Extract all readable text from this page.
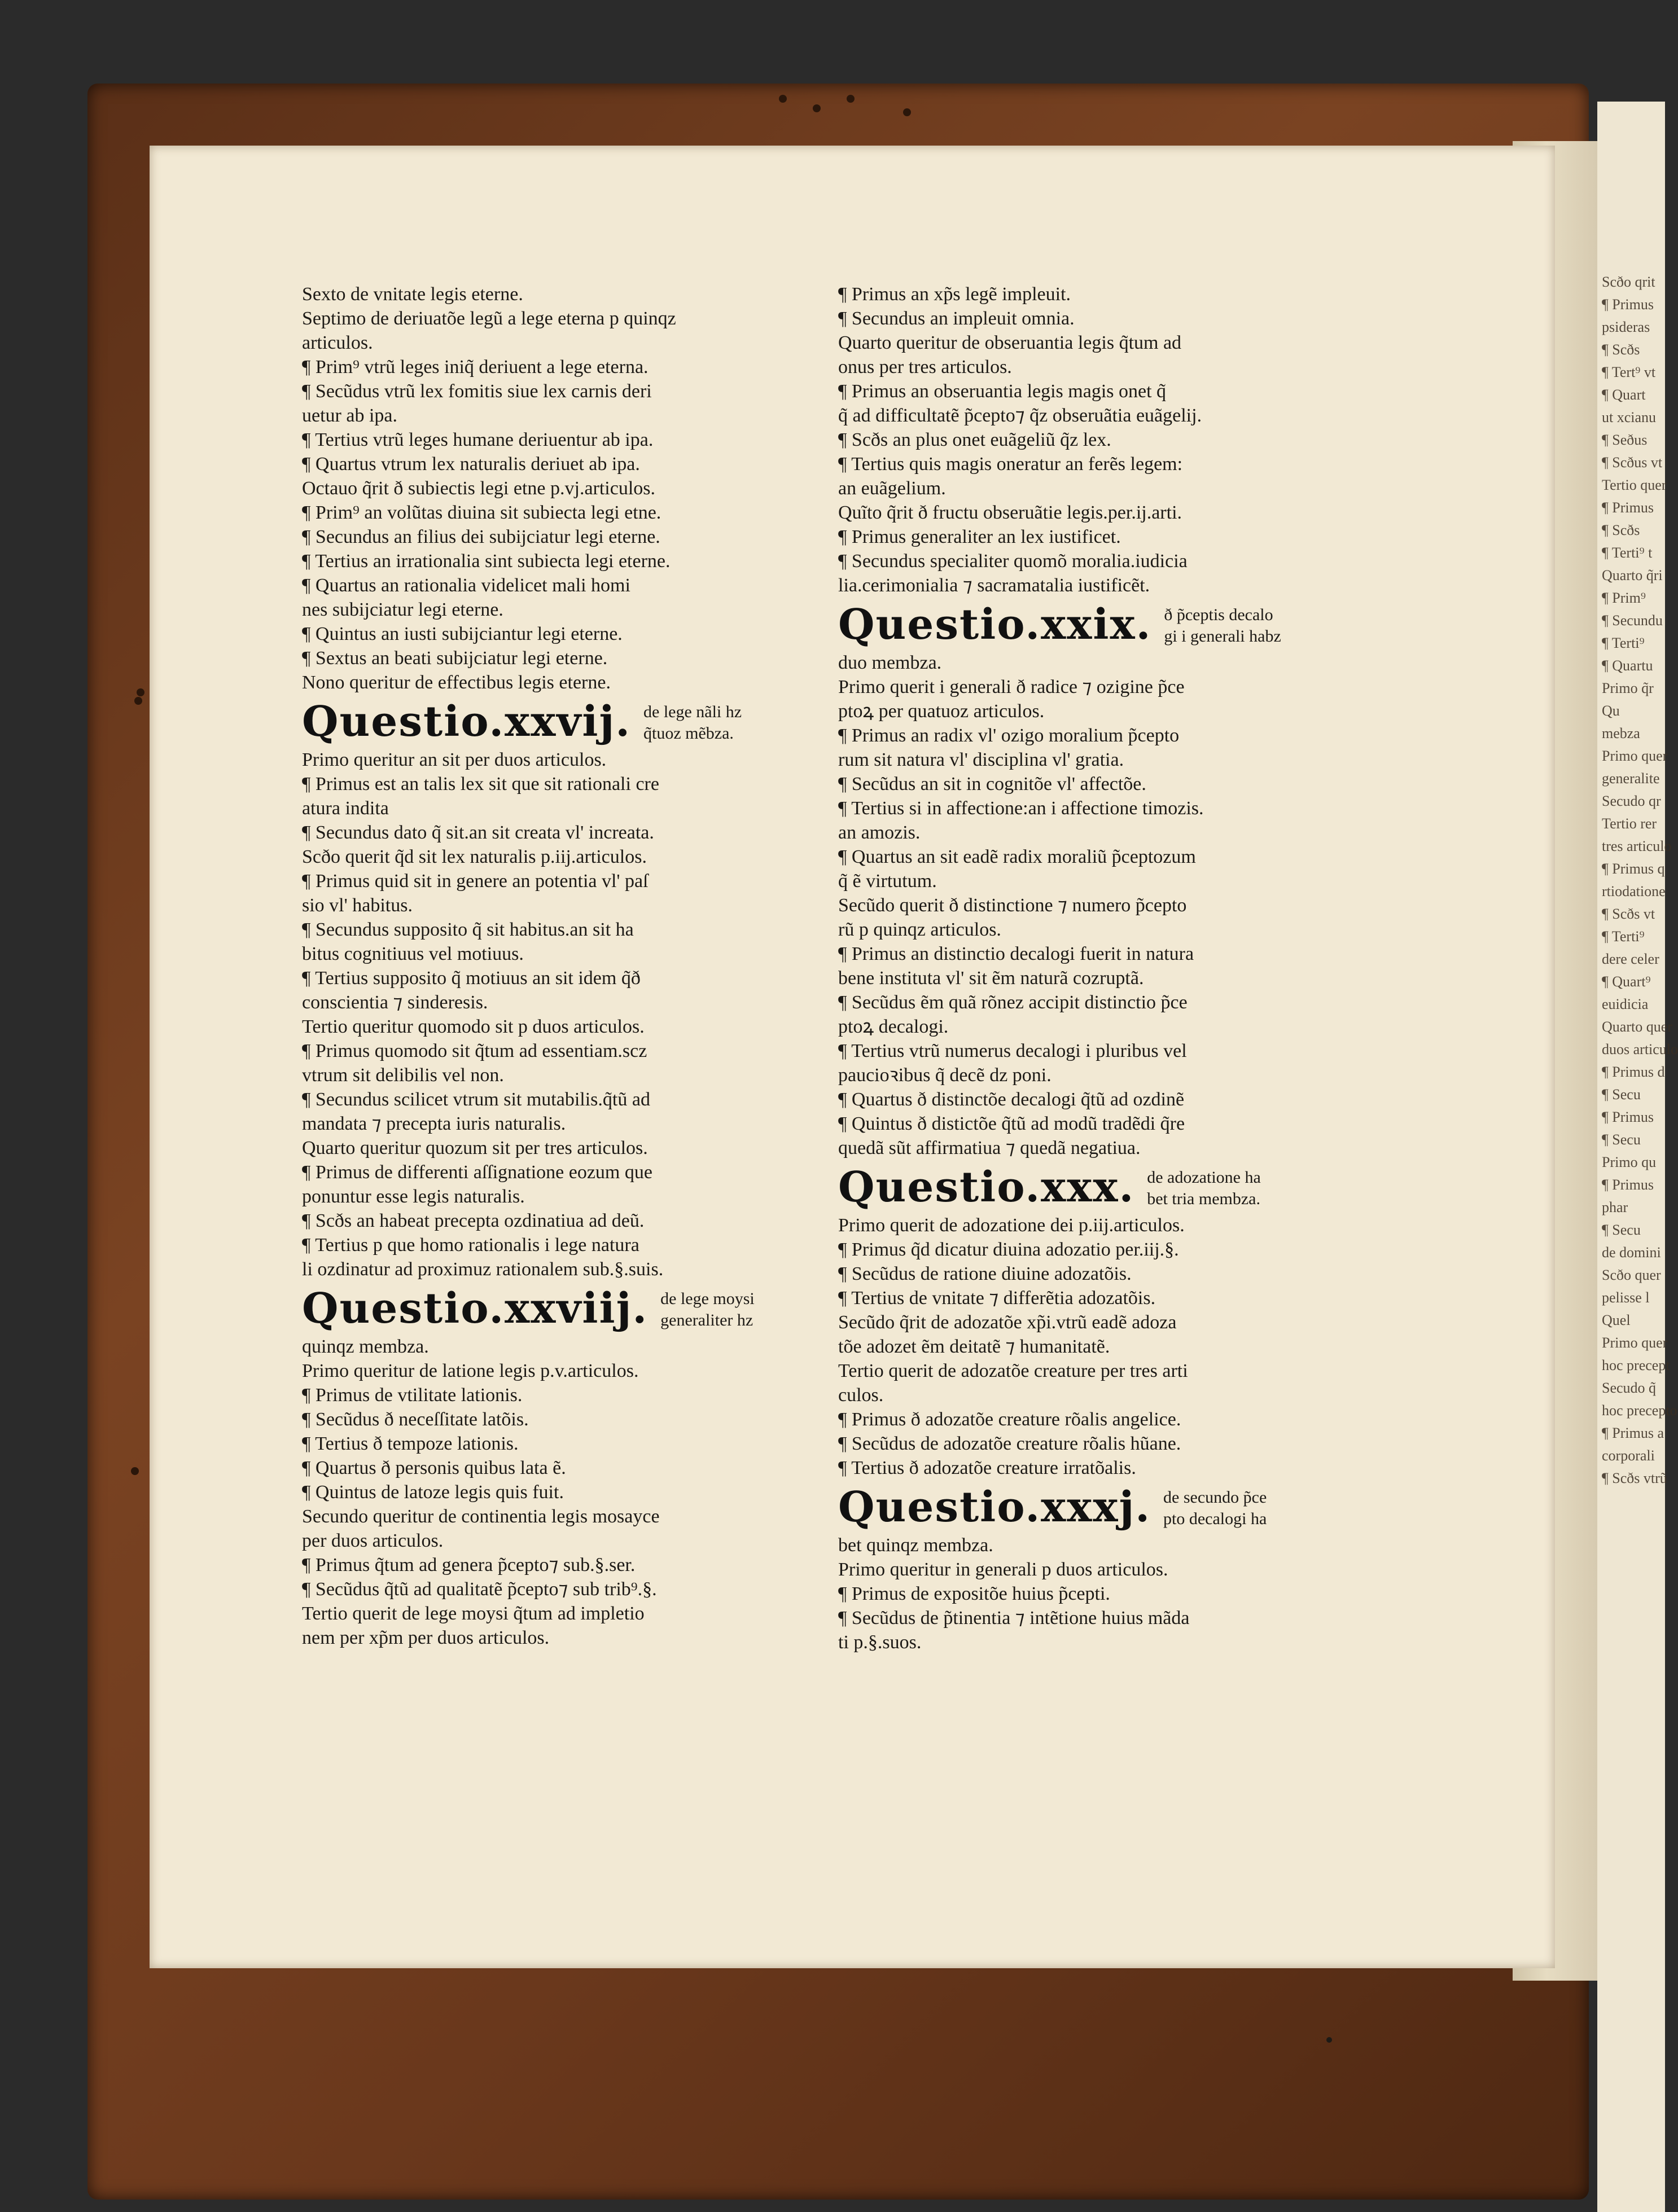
Scðo qrit
¶ Primus
psideras
¶ Scðs
¶ Tert⁹ vt
¶ Quart
ut xcianu
¶ Seðus
¶ Scðus vt
Tertio quer
¶ Primus
¶ Scðs
¶ Terti⁹ t
Quarto q̃ri
¶ Prim⁹
¶ Secundu
¶ Terti⁹
¶ Quartu
Primo q̃r
Qu
mebza
Primo quer
generalite
Secudo qr
Tertio rer
tres articulo
¶ Primus q
rtiodatione
¶ Scðs vt
¶ Terti⁹
dere celer
¶ Quart⁹
euidicia
Quarto quer
duos articulo
¶ Primus d
¶ Secu
¶ Primus
¶ Secu
Primo qu
¶ Primus
phar
¶ Secu
de domini
Scðo quer
pelisse l
Quel
Primo quer
hoc precept
Secudo q̃
hoc precepto
¶ Primus a
corporali
¶ Scðs vtrũ
Sexto de vnitate legis eterne.
Septimo de deriuatõe legũ a lege eterna p quinqz
articulos.
¶ Prim⁹ vtrũ leges iniq̃ deriuent a lege eterna.
¶ Secũdus vtrũ lex fomitis siue lex carnis deri
uetur ab ipa.
¶ Tertius vtrũ leges humane deriuentur ab ipa.
¶ Quartus vtrum lex naturalis deriuet ab ipa.
Octauo q̃rit ð subiectis legi etne p.vj.articulos.
¶ Prim⁹ an volũtas diuina sit subiecta legi etne.
¶ Secundus an filius dei subijciatur legi eterne.
¶ Tertius an irrationalia sint subiecta legi eterne.
¶ Quartus an rationalia videlicet mali homi
nes subijciatur legi eterne.
¶ Quintus an iusti subijciantur legi eterne.
¶ Sextus an beati subijciatur legi eterne.
Nono queritur de effectibus legis eterne.
Questio.xxvij. de lege nãli hz
q̃tuoz mẽbza.
Primo queritur an sit per duos articulos.
¶ Primus est an talis lex sit que sit rationali cre
atura indita
¶ Secundus dato q̃ sit.an sit creata vl' increata.
Scðo querit q̃d sit lex naturalis p.iij.articulos.
¶ Primus quid sit in genere an potentia vl' paſ
sio vl' habitus.
¶ Secundus supposito q̃ sit habitus.an sit ha
bitus cognitiuus vel motiuus.
¶ Tertius supposito q̃ motiuus an sit idem q̃ð
conscientia ⁊ sinderesis.
Tertio queritur quomodo sit p duos articulos.
¶ Primus quomodo sit q̃tum ad essentiam.scz
vtrum sit delibilis vel non.
¶ Secundus scilicet vtrum sit mutabilis.q̃tũ ad
mandata ⁊ precepta iuris naturalis.
Quarto queritur quozum sit per tres articulos.
¶ Primus de differenti aſſignatione eozum que
ponuntur esse legis naturalis.
¶ Scðs an habeat precepta ozdinatiua ad deũ.
¶ Tertius p que homo rationalis i lege natura
li ozdinatur ad proximuz rationalem sub.§.suis.
Questio.xxviij. de lege moysi
generaliter hz
quinqz membza.
Primo queritur de latione legis p.v.articulos.
¶ Primus de vtilitate lationis.
¶ Secũdus ð neceſſitate latõis.
¶ Tertius ð tempoze lationis.
¶ Quartus ð personis quibus lata ẽ.
¶ Quintus de latoze legis quis fuit.
Secundo queritur de continentia legis mosayce
per duos articulos.
¶ Primus q̃tum ad genera p̃cepto⁊ sub.§.ser.
¶ Secũdus q̃tũ ad qualitatẽ p̃cepto⁊ sub trib⁹.§.
Tertio querit de lege moysi q̃tum ad impletio
nem per xp̃m per duos articulos.
¶ Primus an xp̃s legẽ impleuit.
¶ Secundus an impleuit omnia.
Quarto queritur de obseruantia legis q̃tum ad
onus per tres articulos.
¶ Primus an obseruantia legis magis onet q̃
q̃ ad difficultatẽ p̃cepto⁊ q̃z obseruãtia euãgelij.
¶ Scðs an plus onet euãgeliũ q̃z lex.
¶ Tertius quis magis oneratur an ferẽs legem:
an euãgelium.
Quĩto q̃rit ð fructu obseruãtie legis.per.ij.arti.
¶ Primus generaliter an lex iustificet.
¶ Secundus specialiter quomõ moralia.iudicia
lia.cerimonialia ⁊ sacramatalia iustificẽt.
Questio.xxix. ð p̃ceptis decalo
gi i generali habz
duo membza.
Primo querit i generali ð radice ⁊ ozigine p̃ce
ptoꝝ per quatuoz articulos.
¶ Primus an radix vl' ozigo moralium p̃cepto
rum sit natura vl' disciplina vl' gratia.
¶ Secũdus an sit in cognitõe vl' affectõe.
¶ Tertius si in affectione:an i affectione timozis.
an amozis.
¶ Quartus an sit eadẽ radix moraliũ p̃ceptozum
q̃ ẽ virtutum.
Secũdo querit ð distinctione ⁊ numero p̃cepto
rũ p quinqz articulos.
¶ Primus an distinctio decalogi fuerit in natura
bene instituta vl' sit ẽm naturã cozruptã.
¶ Secũdus ẽm quã rõnez accipit distinctio p̃ce
ptoꝝ decalogi.
¶ Tertius vtrũ numerus decalogi i pluribus vel
paucioꝛibus q̃ decẽ dz poni.
¶ Quartus ð distinctõe decalogi q̃tũ ad ozdinẽ
¶ Quintus ð distictõe q̃tũ ad modũ tradẽdi q̃re
quedã sũt affirmatiua ⁊ quedã negatiua.
Questio.xxx. de adozatione ha
bet tria membza.
Primo querit de adozatione dei p.iij.articulos.
¶ Primus q̃d dicatur diuina adozatio per.iij.§.
¶ Secũdus de ratione diuine adozatõis.
¶ Tertius de vnitate ⁊ differẽtia adozatõis.
Secũdo q̃rit de adozatõe xp̃i.vtrũ eadẽ adoza
tõe adozet ẽm deitatẽ ⁊ humanitatẽ.
Tertio querit de adozatõe creature per tres arti
culos.
¶ Primus ð adozatõe creature rõalis angelice.
¶ Secũdus de adozatõe creature rõalis hũane.
¶ Tertius ð adozatõe creature irratõalis.
Questio.xxxj. de secundo p̃ce
pto decalogi ha
bet quinqz membza.
Primo queritur in generali p duos articulos.
¶ Primus de expositõe huius p̃cepti.
¶ Secũdus de p̃tinentia ⁊ intẽtione huius mãda
ti p.§.suos.
